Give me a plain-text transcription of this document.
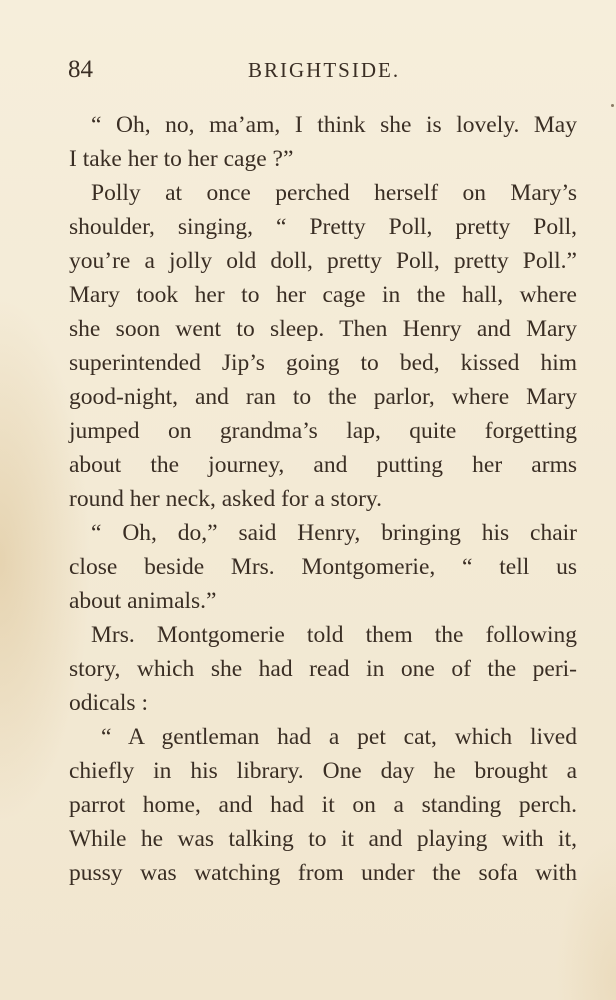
84	BRIGHTSIDE.
“ Oh, no, ma’am, I think she is lovely. May
I take her to her cage ?”
Polly at once perched herself on Mary’s
shoulder, singing, “ Pretty Poll, pretty Poll,
you’re a jolly old doll, pretty Poll, pretty Poll.”
Mary took her to her cage in the hall, where
she soon went to sleep. Then Henry and Mary
superintended Jip’s going to bed, kissed him
good-night, and ran to the parlor, where Mary
jumped on grandma’s lap, quite forgetting
about the journey, and putting her arms
round her neck, asked for a story.
“ Oh, do,” said Henry, bringing his chair
close beside Mrs. Montgomerie, “ tell us
about animals.”
Mrs. Montgomerie told them the following
story, which she had read in one of the peri-
odicals :
“ A gentleman had a pet cat, which lived
chiefly in his library. One day he brought a
parrot home, and had it on a standing perch.
While he was talking to it and playing with it,
pussy was watching from under the sofa with
